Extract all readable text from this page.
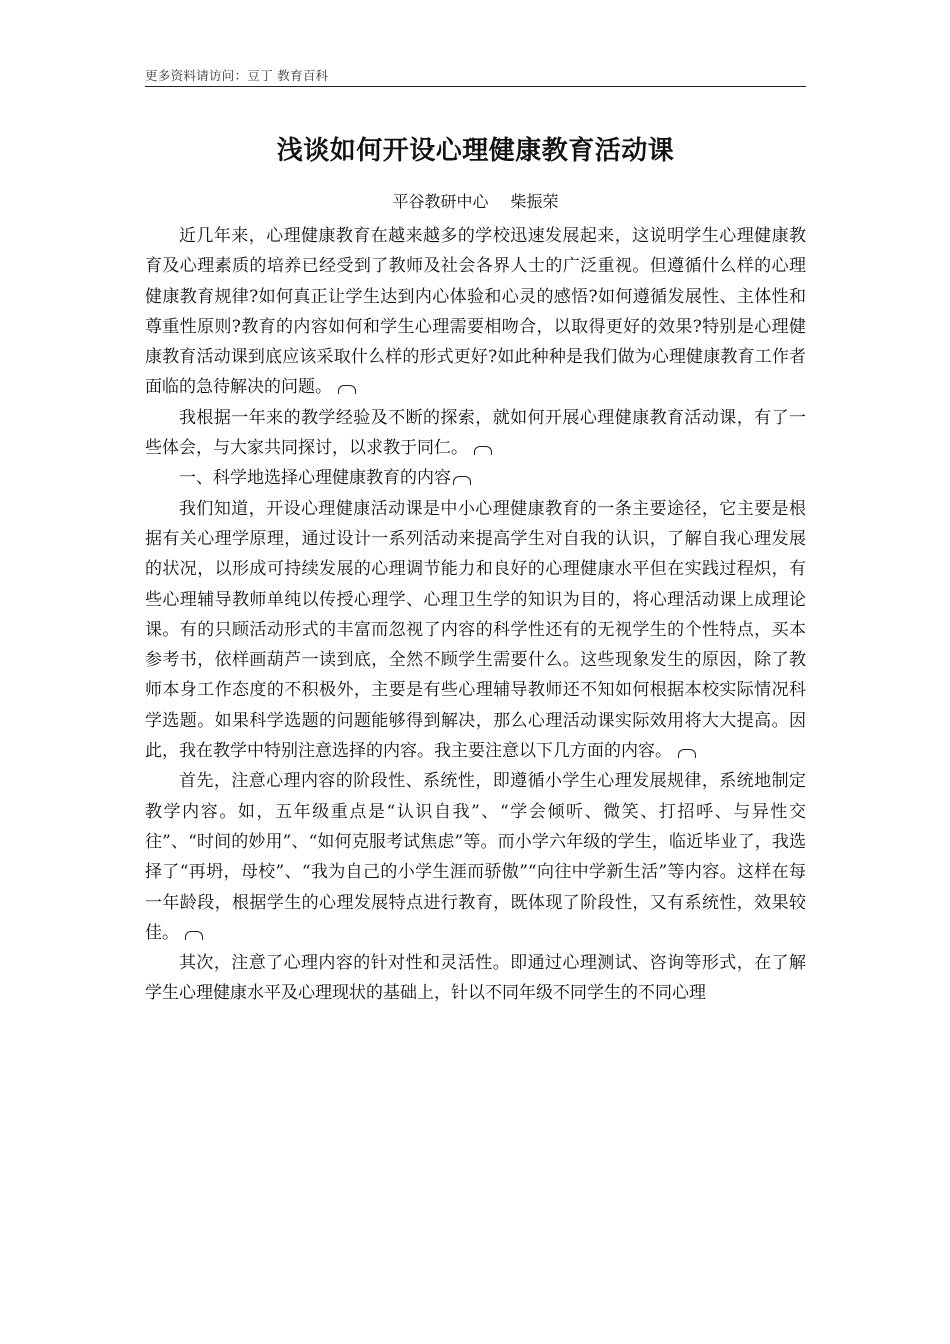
更多资料请访问：豆丁 教育百科
浅谈如何开设心理健康教育活动课
平谷教研中心 柴振荣

近几年来，心理健康教育在越来越多的学校迅速发展起来，这说明学生心理健康教育及心理素质的培养已经受到了教师及社会各界人士的广泛重视。但遵循什么样的心理健康教育规律?如何真正让学生达到内心体验和心灵的感悟?如何遵循发展性、主体性和尊重性原则?教育的内容如何和学生心理需要相吻合，以取得更好的效果?特别是心理健康教育活动课到底应该采取什么样的形式更好?如此种种是我们做为心理健康教育工作者面临的急待解决的问题。

我根据一年来的教学经验及不断的探索，就如何开展心理健康教育活动课，有了一些体会，与大家共同探讨，以求教于同仁。

一、科学地选择心理健康教育的内容

我们知道，开设心理健康活动课是中小心理健康教育的一条主要途径，它主要是根据有关心理学原理，通过设计一系列活动来提高学生对自我的认识，了解自我心理发展的状况，以形成可持续发展的心理调节能力和良好的心理健康水平但在实践过程炽，有些心理辅导教师单纯以传授心理学、心理卫生学的知识为目的，将心理活动课上成理论课。有的只顾活动形式的丰富而忽视了内容的科学性还有的无视学生的个性特点，买本参考书，依样画葫芦一读到底，全然不顾学生需要什么。这些现象发生的原因，除了教师本身工作态度的不积极外，主要是有些心理辅导教师还不知如何根据本校实际情况科学选题。如果科学选题的问题能够得到解决，那么心理活动课实际效用将大大提高。因此，我在教学中特别注意选择的内容。我主要注意以下几方面的内容。

首先，注意心理内容的阶段性、系统性，即遵循小学生心理发展规律，系统地制定教学内容。如，五年级重点是“认识自我”、“学会倾听、微笑、打招呼、与异性交往”、“时间的妙用”、“如何克服考试焦虑”等。而小学六年级的学生，临近毕业了，我选择了“再坍，母校”、“我为自己的小学生涯而骄傲”“向往中学新生活”等内容。这样在每一年龄段，根据学生的心理发展特点进行教育，既体现了阶段性，又有系统性，效果较佳。

其次，注意了心理内容的针对性和灵活性。即通过心理测试、咨询等形式，在了解学生心理健康水平及心理现状的基础上，针以不同年级不同学生的不同心理
